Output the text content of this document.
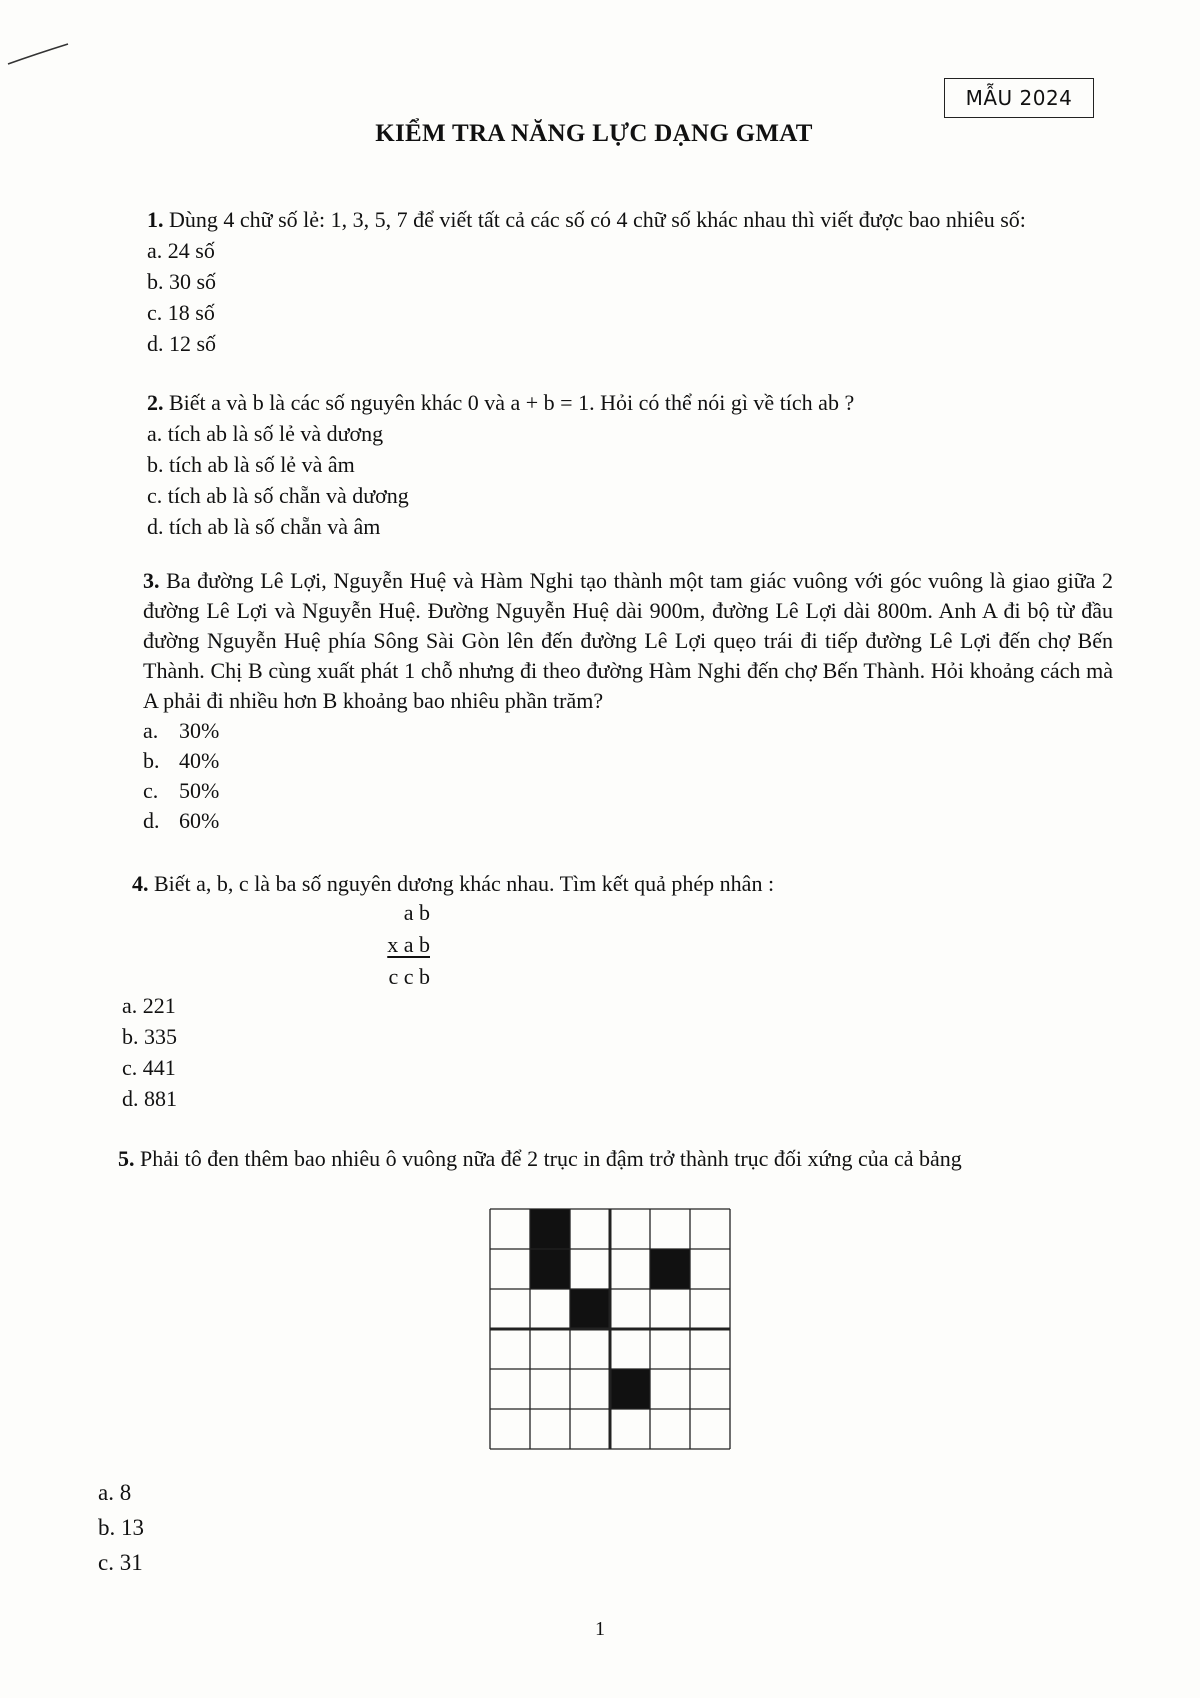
MẪU 2024
KIỂM TRA NĂNG LỰC DẠNG GMAT

1. Dùng 4 chữ số lẻ: 1, 3, 5, 7 để viết tất cả các số có 4 chữ số khác nhau thì viết được bao nhiêu số:

a. 24 số

b. 30 số

c. 18 số

d. 12 số

2. Biết a và b là các số nguyên khác 0 và a + b = 1. Hỏi có thể nói gì về tích ab ?

a. tích ab là số lẻ và dương

b. tích ab là số lẻ và âm

c. tích ab là số chẵn và dương

d. tích ab là số chẵn và âm

3. Ba đường Lê Lợi, Nguyễn Huệ và Hàm Nghi tạo thành một tam giác vuông với góc vuông là giao giữa 2 đường Lê Lợi và Nguyễn Huệ. Đường Nguyễn Huệ dài 900m, đường Lê Lợi dài 800m. Anh A đi bộ từ đầu đường Nguyễn Huệ phía Sông Sài Gòn lên đến đường Lê Lợi quẹo trái đi tiếp đường Lê Lợi đến chợ Bến Thành. Chị B cùng xuất phát 1 chỗ nhưng đi theo đường Hàm Nghi đến chợ Bến Thành. Hỏi khoảng cách mà A phải đi nhiều hơn B khoảng bao nhiêu phần trăm?

a. 30%

b. 40%

c. 50%

d. 60%

4. Biết a, b, c là ba số nguyên dương khác nhau. Tìm kết quả phép nhân :

a b
x a b
c c b
a. 221
b. 335
c. 441
d. 881

5. Phải tô đen thêm bao nhiêu ô vuông nữa để 2 trục in đậm trở thành trục đối xứng của cả bảng

a. 8
b. 13
c. 31
1
